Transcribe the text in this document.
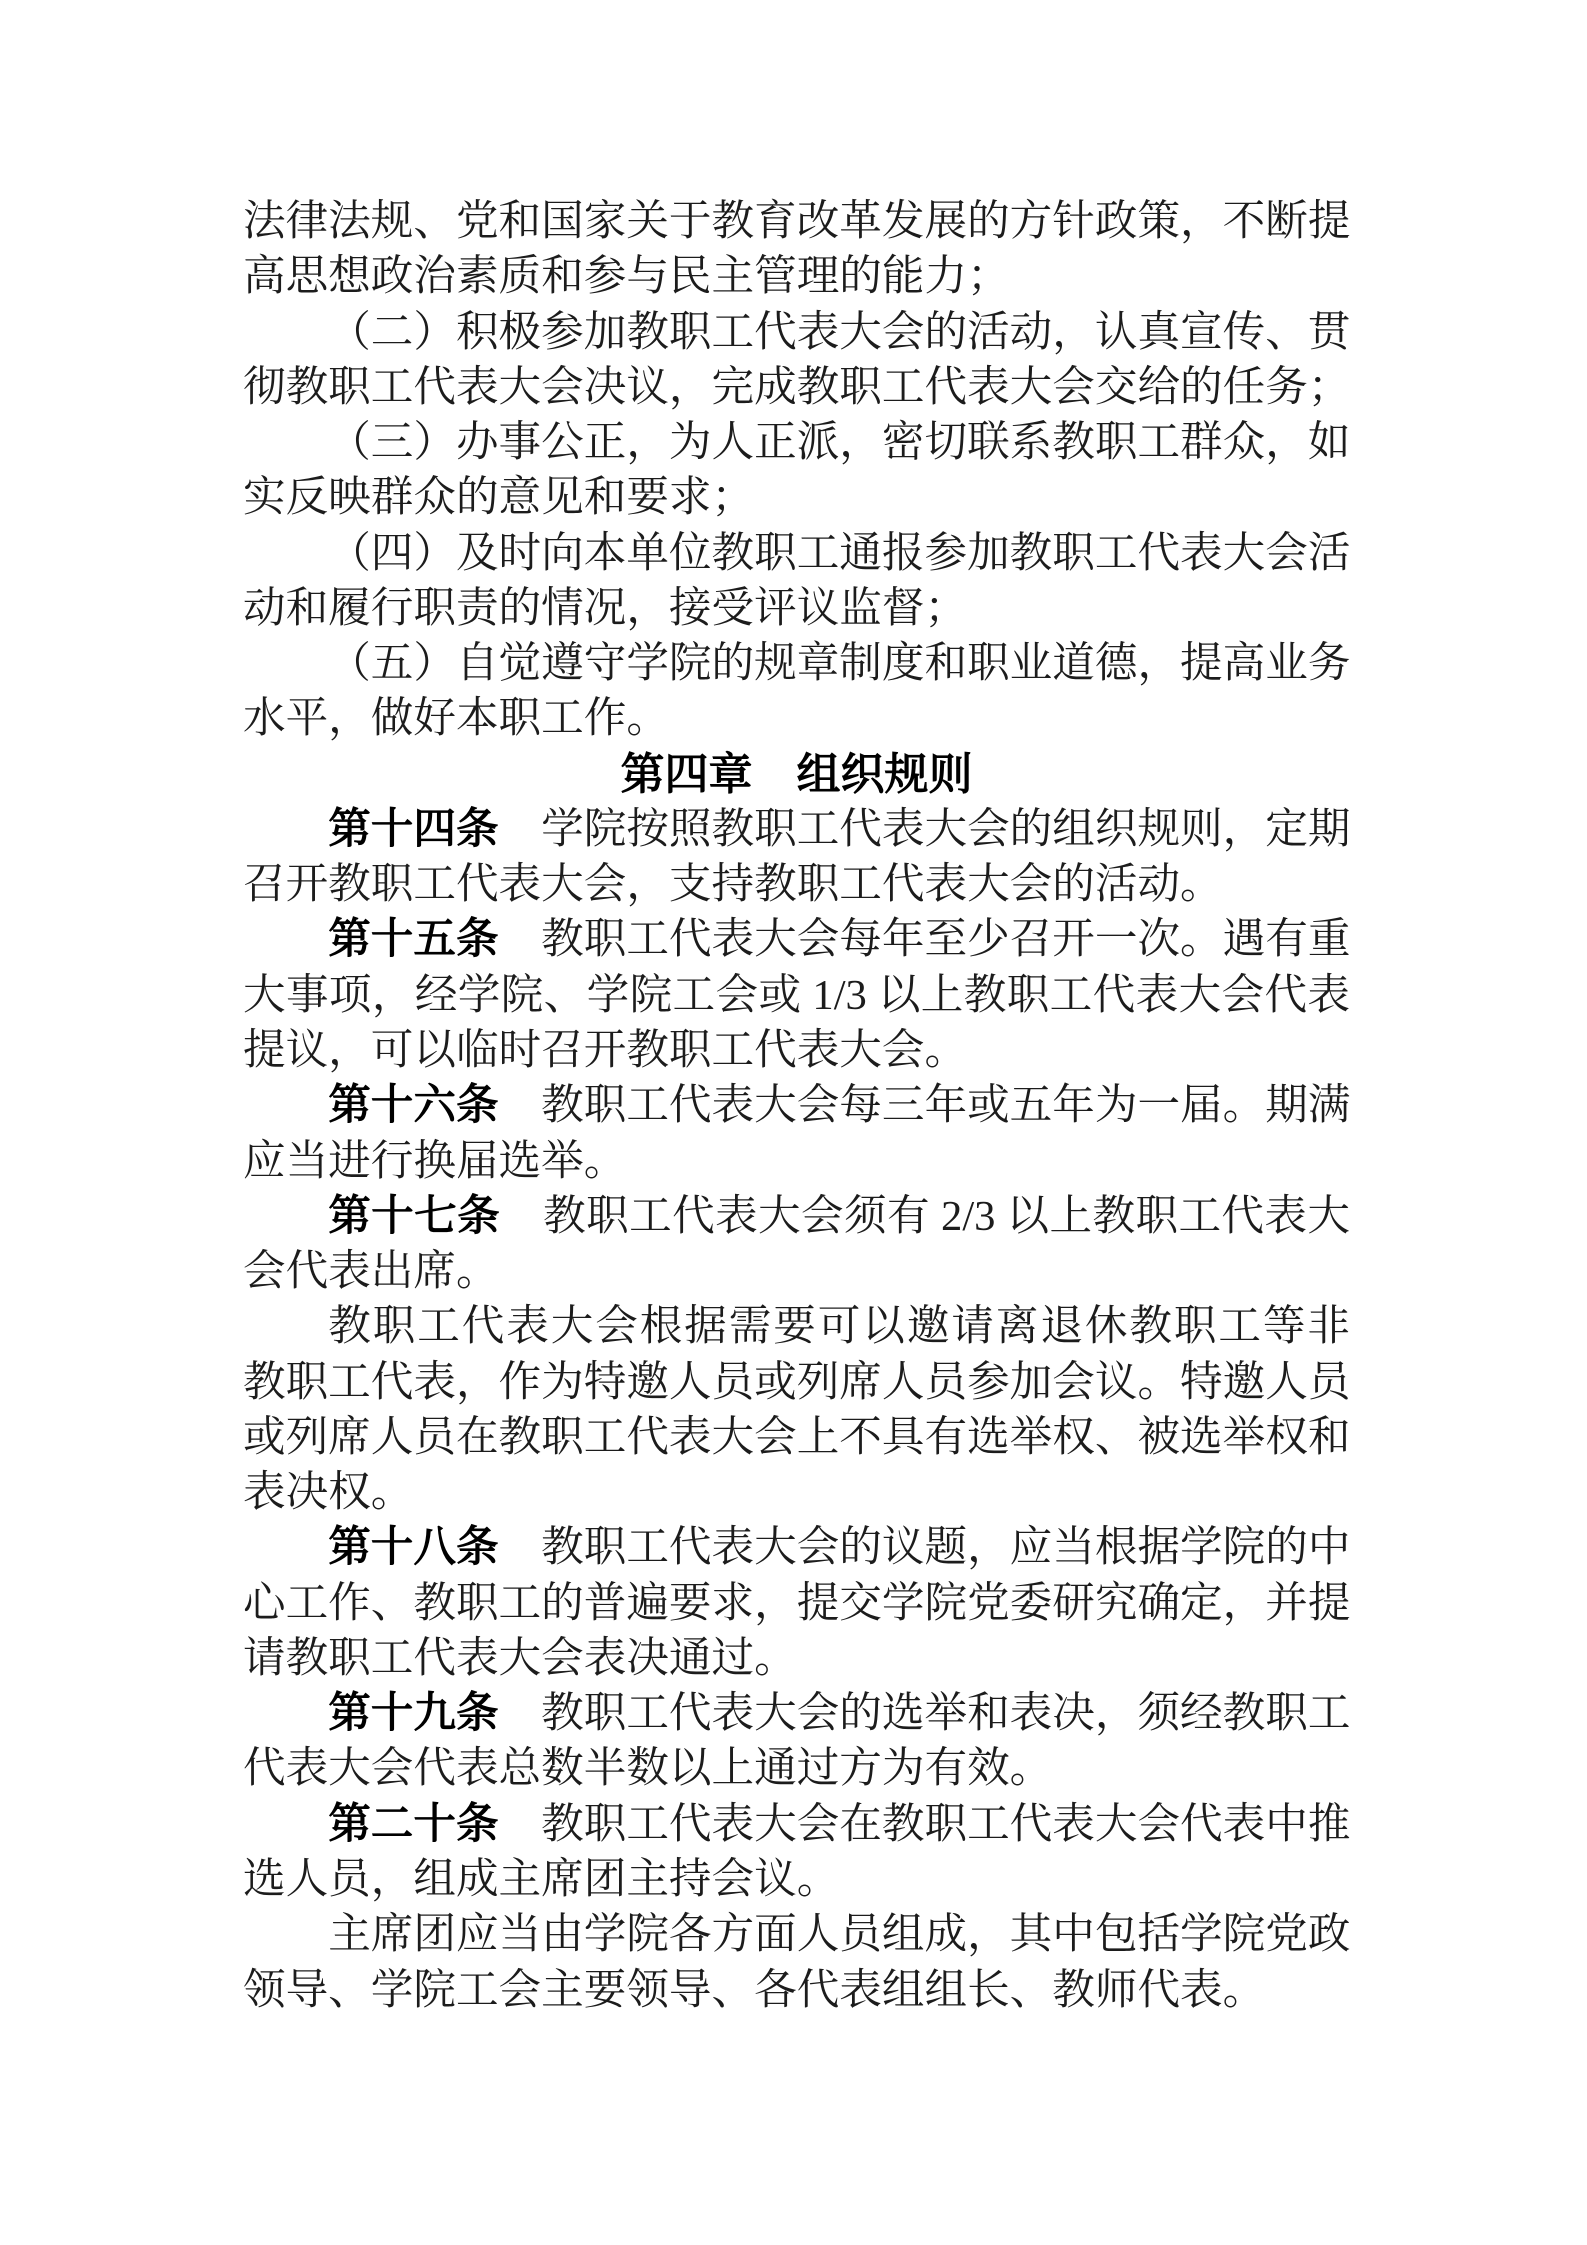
法律法规、党和国家关于教育改革发展的方针政策，不断提
高思想政治素质和参与民主管理的能力；
（二）积极参加教职工代表大会的活动，认真宣传、贯
彻教职工代表大会决议，完成教职工代表大会交给的任务；
（三）办事公正，为人正派，密切联系教职工群众，如
实反映群众的意见和要求；
（四）及时向本单位教职工通报参加教职工代表大会活
动和履行职责的情况，接受评议监督；
（五）自觉遵守学院的规章制度和职业道德，提高业务
水平，做好本职工作。
第四章　组织规则
第十四条　学院按照教职工代表大会的组织规则，定期
召开教职工代表大会，支持教职工代表大会的活动。
第十五条　教职工代表大会每年至少召开一次。遇有重
大事项，经学院、学院工会或 1/3 以上教职工代表大会代表
提议，可以临时召开教职工代表大会。
第十六条　教职工代表大会每三年或五年为一届。期满
应当进行换届选举。
第十七条　教职工代表大会须有 2/3 以上教职工代表大
会代表出席。
教职工代表大会根据需要可以邀请离退休教职工等非
教职工代表，作为特邀人员或列席人员参加会议。特邀人员
或列席人员在教职工代表大会上不具有选举权、被选举权和
表决权。
第十八条　教职工代表大会的议题，应当根据学院的中
心工作、教职工的普遍要求，提交学院党委研究确定，并提
请教职工代表大会表决通过。
第十九条　教职工代表大会的选举和表决，须经教职工
代表大会代表总数半数以上通过方为有效。
第二十条　教职工代表大会在教职工代表大会代表中推
选人员，组成主席团主持会议。
主席团应当由学院各方面人员组成，其中包括学院党政
领导、学院工会主要领导、各代表组组长、教师代表。
